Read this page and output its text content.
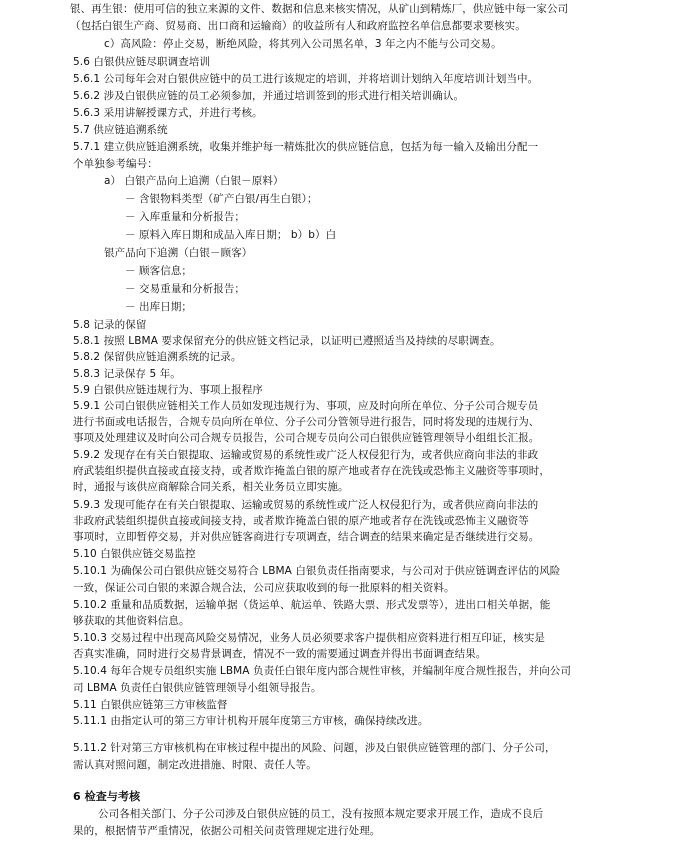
银、再生银：使用可信的独立来源的文件、数据和信息来核实情况，从矿山到精炼厂，供应链中每一家公司
（包括白银生产商、贸易商、出口商和运输商）的收益所有人和政府监控名单信息都要求要核实。
c）高风险：停止交易，断绝风险，将其列入公司黑名单，3 年之内不能与公司交易。
5.6 白银供应链尽职调查培训
5.6.1 公司每年会对白银供应链中的员工进行该规定的培训，并将培训计划纳入年度培训计划当中。
5.6.2 涉及白银供应链的员工必须参加，并通过培训签到的形式进行相关培训确认。
5.6.3 采用讲解授课方式，并进行考核。
5.7 供应链追溯系统
5.7.1 建立供应链追溯系统，收集并维护每一精炼批次的供应链信息，包括为每一输入及输出分配一
个单独参考编号：
a） 白银产品向上追溯（白银－原料）
－ 含银物料类型（矿产白银/再生白银）；
－ 入库重量和分析报告；
－ 原料入库日期和成品入库日期； b）b）白
银产品向下追溯（白银－顾客）
－ 顾客信息；
－ 交易重量和分析报告；
－ 出库日期；
5.8 记录的保留
5.8.1 按照 LBMA 要求保留充分的供应链文档记录，以证明已遵照适当及持续的尽职调查。
5.8.2 保留供应链追溯系统的记录。
5.8.3 记录保存 5 年。
5.9 白银供应链违规行为、事项上报程序
5.9.1 公司白银供应链相关工作人员如发现违规行为、事项，应及时向所在单位、分子公司合规专员
进行书面或电话报告，合规专员向所在单位、分子公司分管领导进行报告，同时将发现的违规行为、
事项及处理建议及时向公司合规专员报告，公司合规专员向公司白银供应链管理领导小组组长汇报。
5.9.2 发现存在有关白银提取、运输或贸易的系统性或广泛人权侵犯行为，或者供应商向非法的非政
府武装组织提供直接或直接支持，或者欺诈掩盖白银的原产地或者存在洗钱或恐怖主义融资等事项时，
时，通报与该供应商解除合同关系，相关业务员立即实施。
5.9.3 发现可能存在有关白银提取、运输或贸易的系统性或广泛人权侵犯行为，或者供应商向非法的
非政府武装组织提供直接或间接支持，或者欺诈掩盖白银的原产地或者存在洗钱或恐怖主义融资等
事项时，立即暂停交易，并对供应链客商进行专项调查，结合调查的结果来确定是否继续进行交易。
5.10 白银供应链交易监控
5.10.1 为确保公司白银供应链交易符合 LBMA 白银负责任指南要求，与公司对于供应链调查评估的风险
一致，保证公司白银的来源合规合法，公司应获取收到的每一批原料的相关资料。
5.10.2 重量和品质数据，运输单据（货运单、航运单、铁路大票、形式发票等），进出口相关单据，能
够获取的其他资料信息。
5.10.3 交易过程中出现高风险交易情况，业务人员必须要求客户提供相应资料进行相互印证，核实是
否真实准确，同时进行交易背景调查，情况不一致的需要通过调查并得出书面调查结果。
5.10.4 每年合规专员组织实施 LBMA 负责任白银年度内部合规性审核，并编制年度合规性报告，并向公司
司 LBMA 负责任白银供应链管理领导小组领导报告。
5.11 白银供应链第三方审核监督
5.11.1 由指定认可的第三方审计机构开展年度第三方审核，确保持续改进。
5.11.2 针对第三方审核机构在审核过程中提出的风险、问题，涉及白银供应链管理的部门、分子公司，
需认真对照问题，制定改进措施、时限、责任人等。
6 检查与考核
公司各相关部门、分子公司涉及白银供应链的员工，没有按照本规定要求开展工作，造成不良后
果的，根据情节严重情况，依据公司相关问责管理规定进行处理。
